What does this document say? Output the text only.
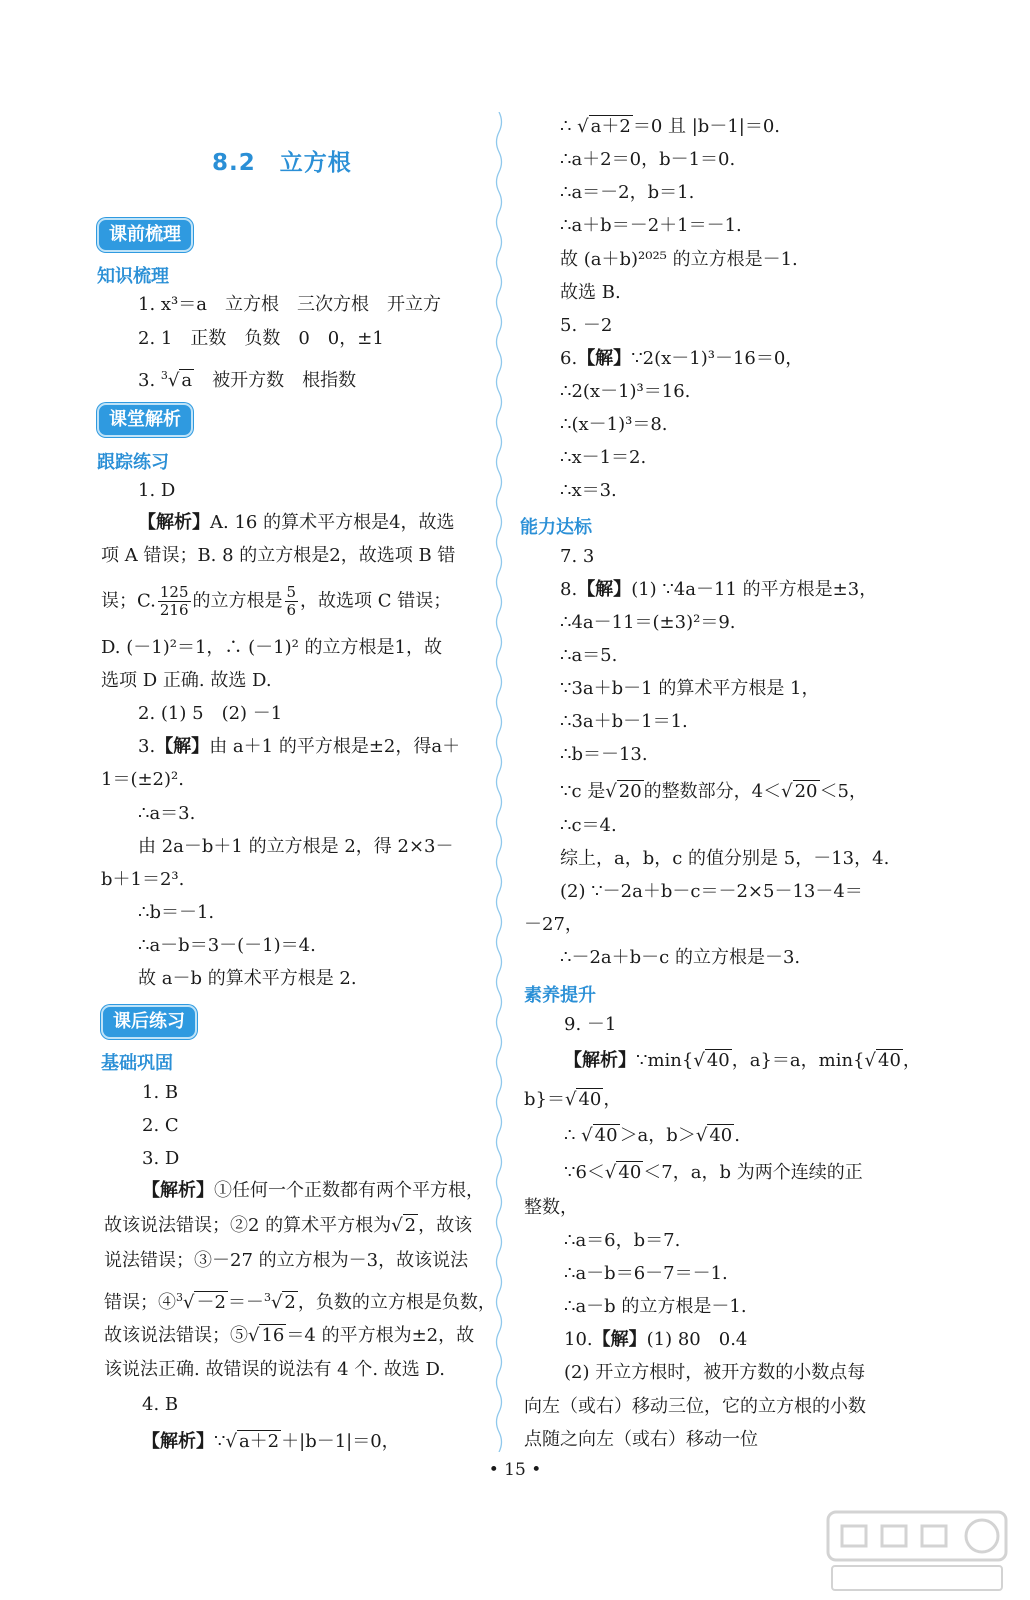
8.2　立方根
课前梳理
知识梳理
1. x³＝a　立方根　三次方根　开立方
2. 1　正数　负数　0　0，±1
3. $^3$√ a　被开方数　根指数
课堂解析
跟踪练习
1. D
【解析】A. 16 的算术平方根是4，故选
项 A 错误；B. 8 的立方根是2，故选项 B 错
误；C. $\frac{125}{216}$ 的立方根是 $\frac{5}{6}$ ，故选项 C 错误；
D. (－1)²＝1，∴ (－1)² 的立方根是1，故
选项 D 正确. 故选 D.
2. (1) 5　(2) －1
3.【解】由 a＋1 的平方根是±2，得a＋
1＝(±2)².
∴a＝3.
由 2a－b＋1 的立方根是 2，得 2×3－
b＋1＝2³.
∴b＝－1.
∴a－b＝3－(－1)＝4.
故 a－b 的算术平方根是 2.
课后练习
基础巩固
1. B
2. C
3. D
【解析】①任何一个正数都有两个平方根，
故该说法错误；②2 的算术平方根为√ 2 ，故该
说法错误；③－27 的立方根为－3，故该说法
错误；④$^3$√ －2 ＝－$^3$√ 2 ，负数的立方根是负数，
故该说法错误；⑤√ 16 ＝4 的平方根为±2，故
该说法正确. 故错误的说法有 4 个. 故选 D.
4. B
【解析】∵√ a＋2 ＋|b－1|＝0，
∴ √ a＋2 ＝0 且 |b－1|＝0.
∴a＋2＝0，b－1＝0.
∴a＝－2，b＝1.
∴a＋b＝－2＋1＝－1.
故 (a＋b)²⁰²⁵ 的立方根是－1.
故选 B.
5. －2
6.【解】∵2(x－1)³－16＝0，
∴2(x－1)³＝16.
∴(x－1)³＝8.
∴x－1＝2.
∴x＝3.
能力达标
7. 3
8.【解】(1) ∵4a－11 的平方根是±3，
∴4a－11＝(±3)²＝9.
∴a＝5.
∵3a＋b－1 的算术平方根是 1，
∴3a＋b－1＝1.
∴b＝－13.
∵c 是√ 20 的整数部分，4＜√ 20 ＜5，
∴c＝4.
综上，a，b，c 的值分别是 5，－13，4.
(2) ∵－2a＋b－c＝－2×5－13－4＝
－27，
∴－2a＋b－c 的立方根是－3.
素养提升
9. －1
【解析】∵min{√ 40 ，a}＝a，min{√ 40 ，
b}＝√ 40 ，
∴ √ 40 ＞a，b＞√ 40 .
∵6＜√ 40 ＜7，a，b 为两个连续的正
整数，
∴a＝6，b＝7.
∴a－b＝6－7＝－1.
∴a－b 的立方根是－1.
10.【解】(1) 80　0.4
(2) 开立方根时，被开方数的小数点每
向左（或右）移动三位，它的立方根的小数
点随之向左（或右）移动一位
• 15 •
